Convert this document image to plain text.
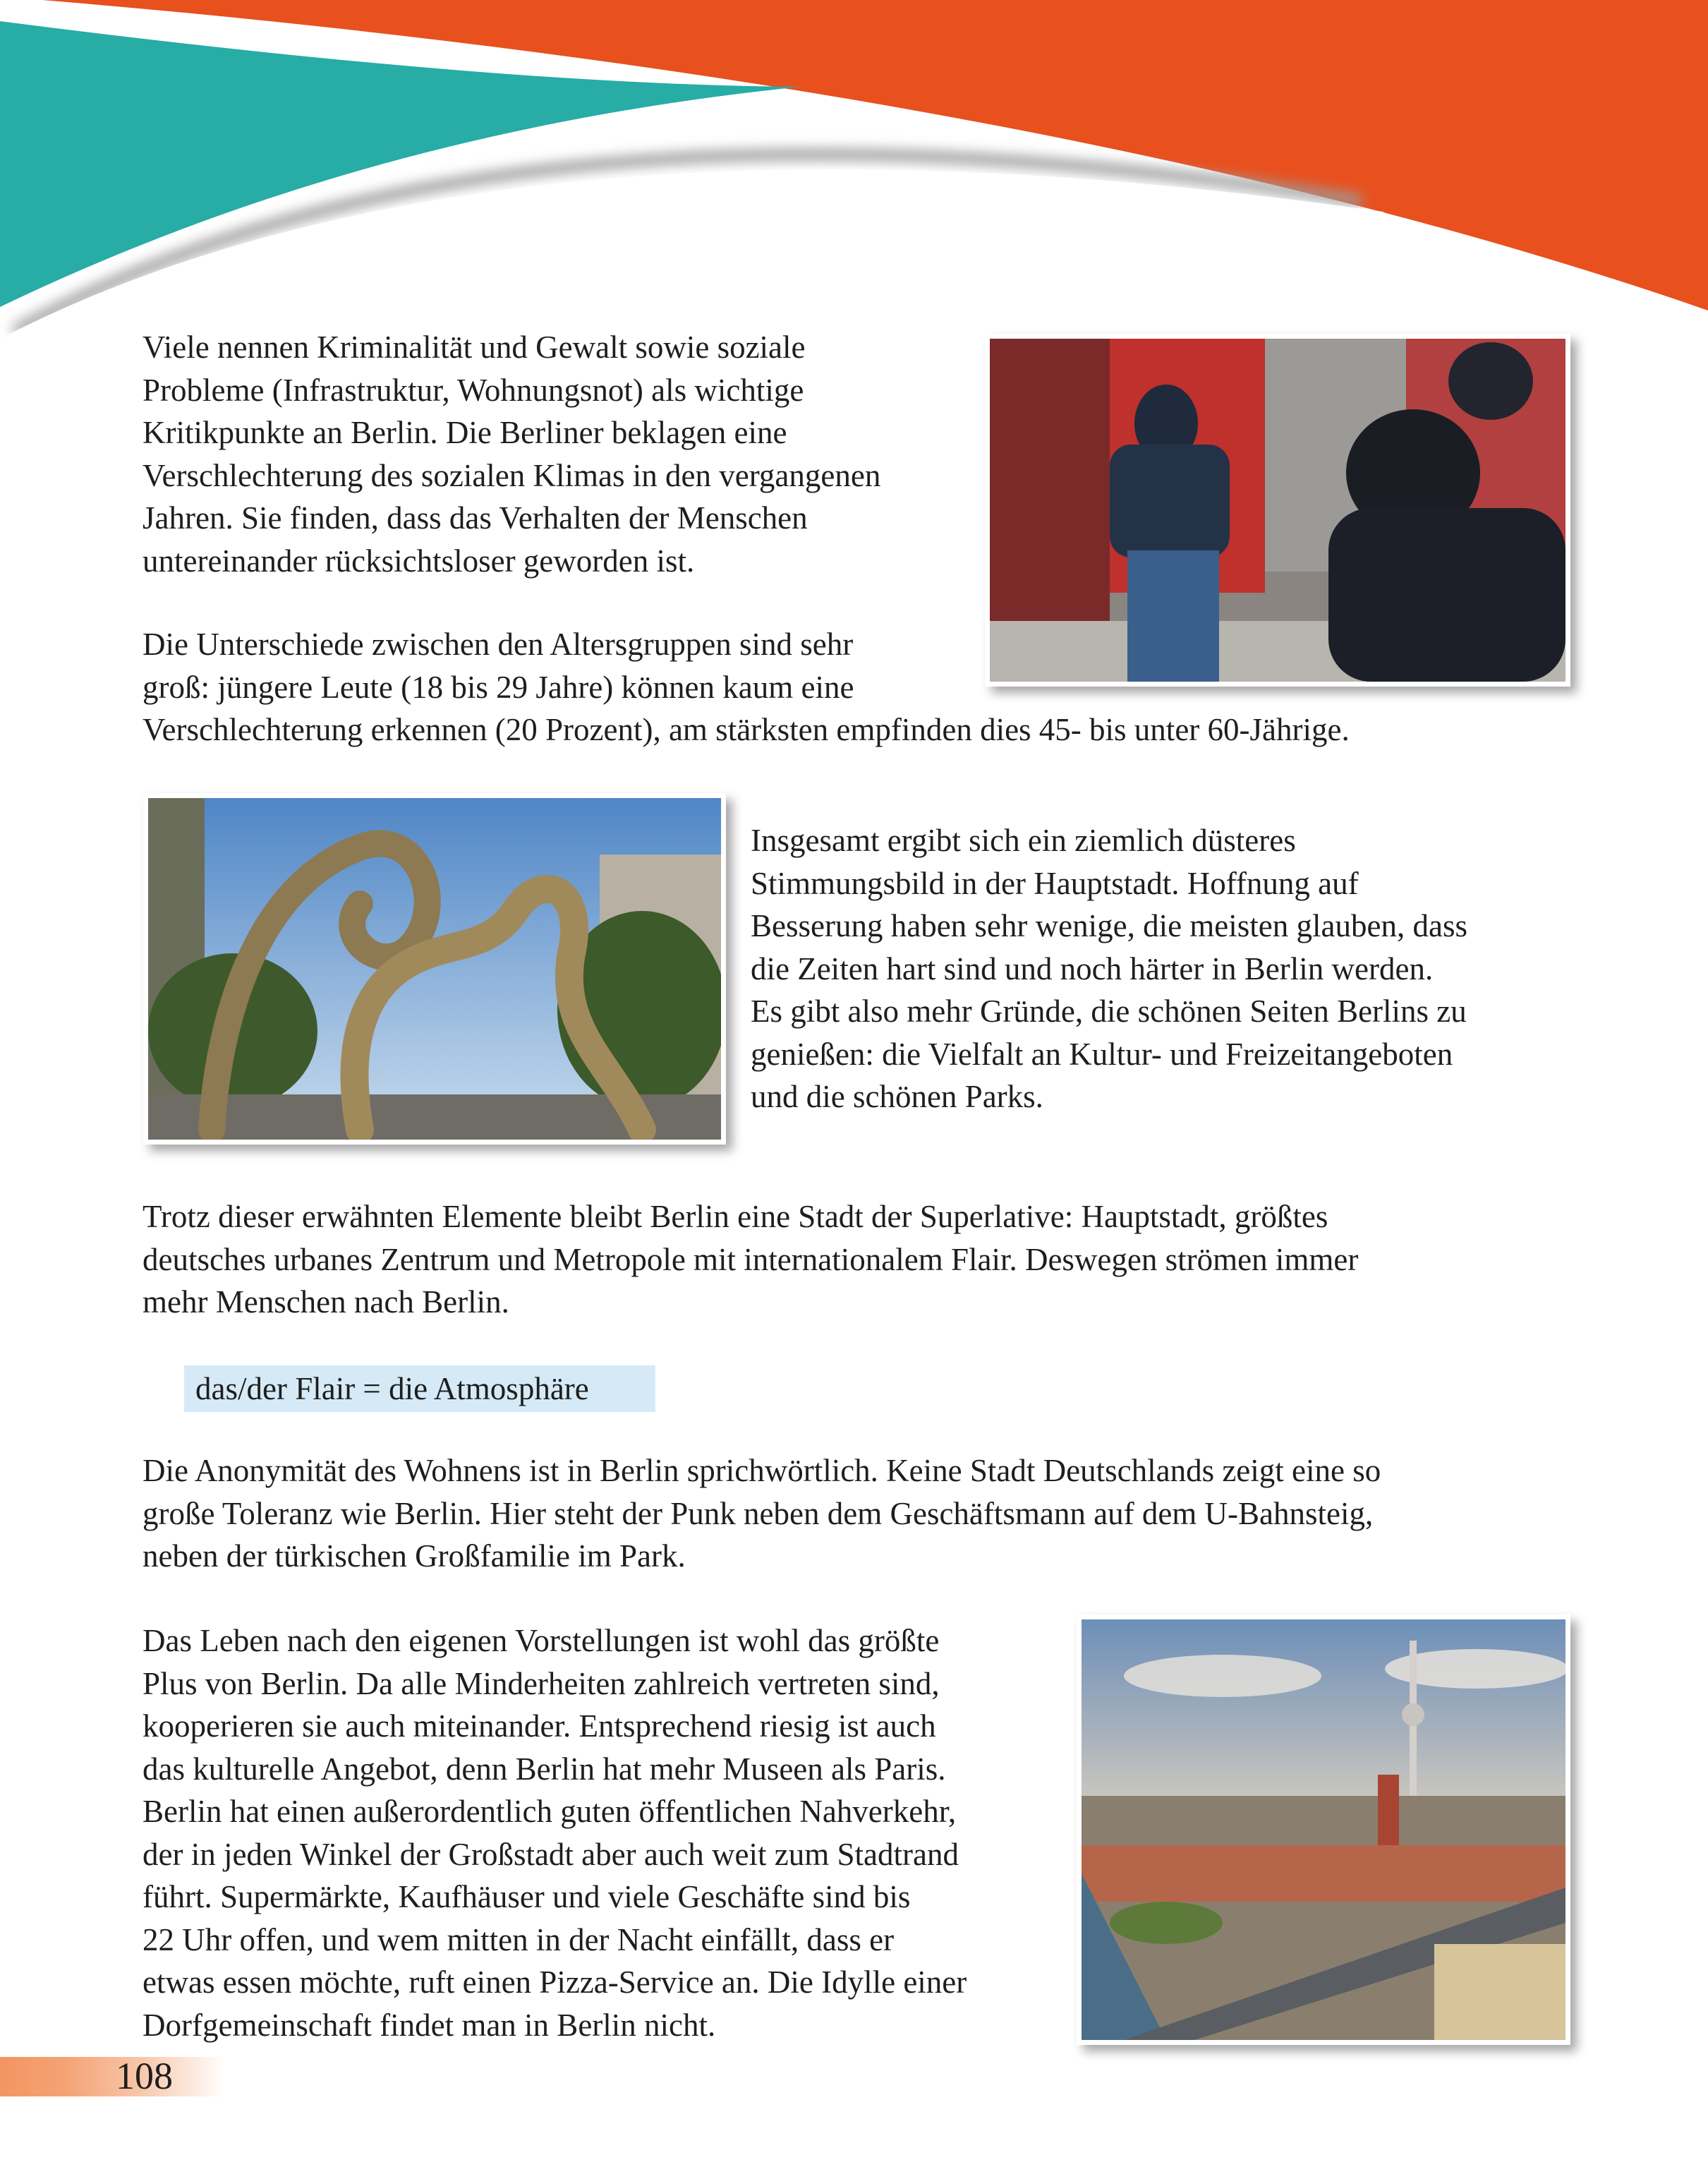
Viele nennen Kriminalität und Gewalt sowie soziale
Probleme (Infrastruktur, Wohnungsnot) als wichtige
Kritikpunkte an Berlin. Die Berliner beklagen eine
Verschlechterung des sozialen Klimas in den vergangenen
Jahren. Sie finden, dass das Verhalten der Menschen
untereinander rücksichtsloser geworden ist.
Die Unterschiede zwischen den Altersgruppen sind sehr
groß: jüngere Leute (18 bis 29 Jahre) können kaum eine
Verschlechterung erkennen (20 Prozent), am stärksten empfinden dies 45- bis unter 60-Jährige.
Insgesamt ergibt sich ein ziemlich düsteres
Stimmungsbild in der Hauptstadt. Hoffnung auf
Besserung haben sehr wenige, die meisten glauben, dass
die Zeiten hart sind und noch härter in Berlin werden.
Es gibt also mehr Gründe, die schönen Seiten Berlins zu
genießen: die Vielfalt an Kultur- und Freizeitangeboten
und die schönen Parks.
Trotz dieser erwähnten Elemente bleibt Berlin eine Stadt der Superlative: Hauptstadt, größtes
deutsches urbanes Zentrum und Metropole mit internationalem Flair. Deswegen strömen immer
mehr Menschen nach Berlin.
das/der Flair = die Atmosphäre
Die Anonymität des Wohnens ist in Berlin sprichwörtlich. Keine Stadt Deutschlands zeigt eine so
große Toleranz wie Berlin. Hier steht der Punk neben dem Geschäftsmann auf dem U-Bahnsteig,
neben der türkischen Großfamilie im Park.
Das Leben nach den eigenen Vorstellungen ist wohl das größte
Plus von Berlin. Da alle Minderheiten zahlreich vertreten sind,
kooperieren sie auch miteinander. Entsprechend riesig ist auch
das kulturelle Angebot, denn Berlin hat mehr Museen als Paris.
Berlin hat einen außerordentlich guten öffentlichen Nahverkehr,
der in jeden Winkel der Großstadt aber auch weit zum Stadtrand
führt. Supermärkte, Kaufhäuser und viele Geschäfte sind bis
22 Uhr offen, und wem mitten in der Nacht einfällt, dass er
etwas essen möchte, ruft einen Pizza-Service an. Die Idylle einer
Dorfgemeinschaft findet man in Berlin nicht.
108
